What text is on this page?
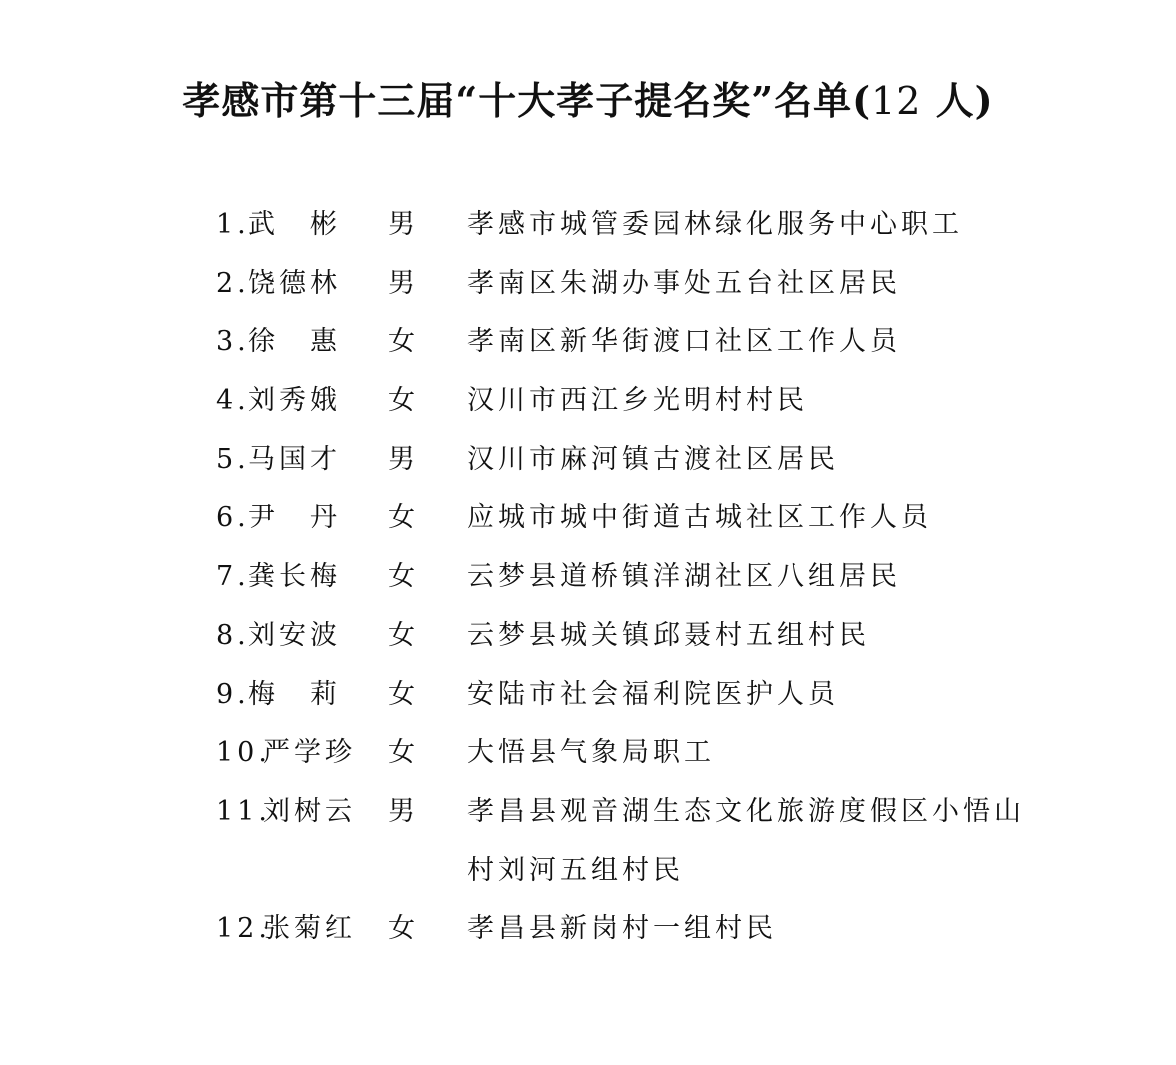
孝感市第十三届“十大孝子提名奖”名单(12 人)
1.
武　彬 男 孝感市城管委园林绿化服务中心职工
2.
饶德林 男 孝南区朱湖办事处五台社区居民
3.
徐　惠 女 孝南区新华街渡口社区工作人员
4.
刘秀娥 女 汉川市西江乡光明村村民
5.
马国才 男 汉川市麻河镇古渡社区居民
6.
尹　丹 女 应城市城中街道古城社区工作人员
7.
龚长梅 女 云梦县道桥镇洋湖社区八组居民
8.
刘安波 女 云梦县城关镇邱聂村五组村民
9.
梅　莉 女 安陆市社会福利院医护人员
10.
严学珍 女 大悟县气象局职工
11.
刘树云 男 孝昌县观音湖生态文化旅游度假区小悟山村刘河五组村民
12.
张菊红 女 孝昌县新岗村一组村民
